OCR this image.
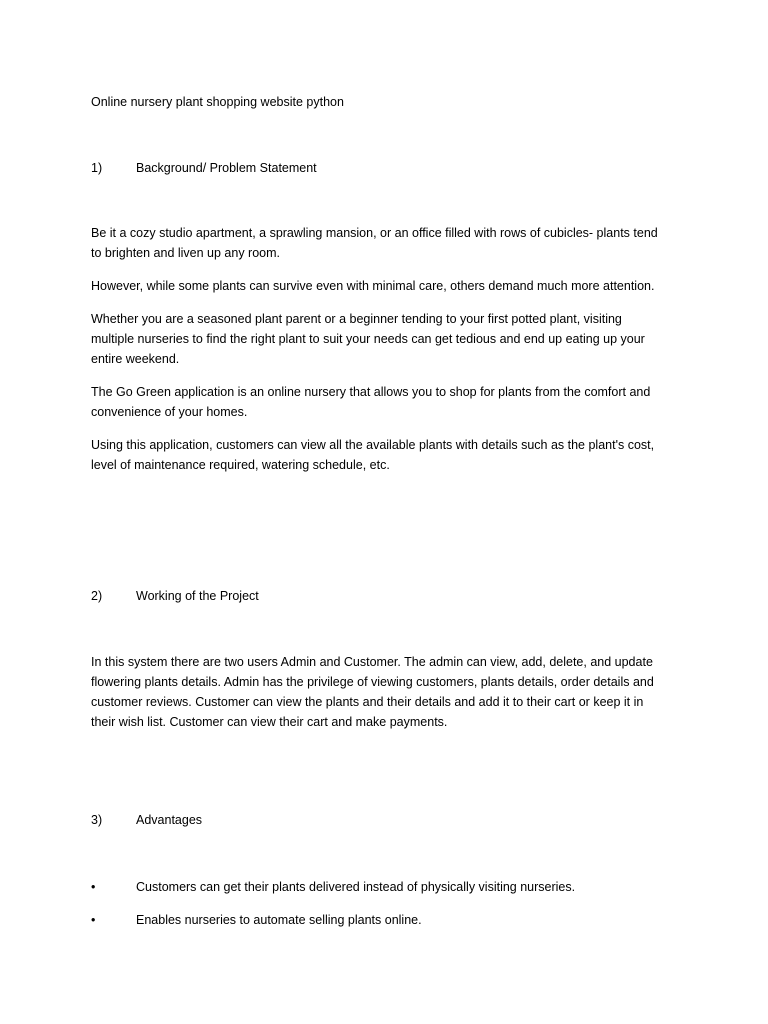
Online nursery plant shopping website python
1)	Background/ Problem Statement
Be it a cozy studio apartment, a sprawling mansion, or an office filled with rows of cubicles- plants tend
to brighten and liven up any room.
However, while some plants can survive even with minimal care, others demand much more attention.
Whether you are a seasoned plant parent or a beginner tending to your first potted plant, visiting
multiple nurseries to find the right plant to suit your needs can get tedious and end up eating up your
entire weekend.
The Go Green application is an online nursery that allows you to shop for plants from the comfort and
convenience of your homes.
Using this application, customers can view all the available plants with details such as the plant's cost,
level of maintenance required, watering schedule, etc.
2)	Working of the Project
In this system there are two users Admin and Customer. The admin can view, add, delete, and update
flowering plants details. Admin has the privilege of viewing customers, plants details, order details and
customer reviews. Customer can view the plants and their details and add it to their cart or keep it in
their wish list. Customer can view their cart and make payments.
3)	Advantages
•	Customers can get their plants delivered instead of physically visiting nurseries.
•	Enables nurseries to automate selling plants online.
